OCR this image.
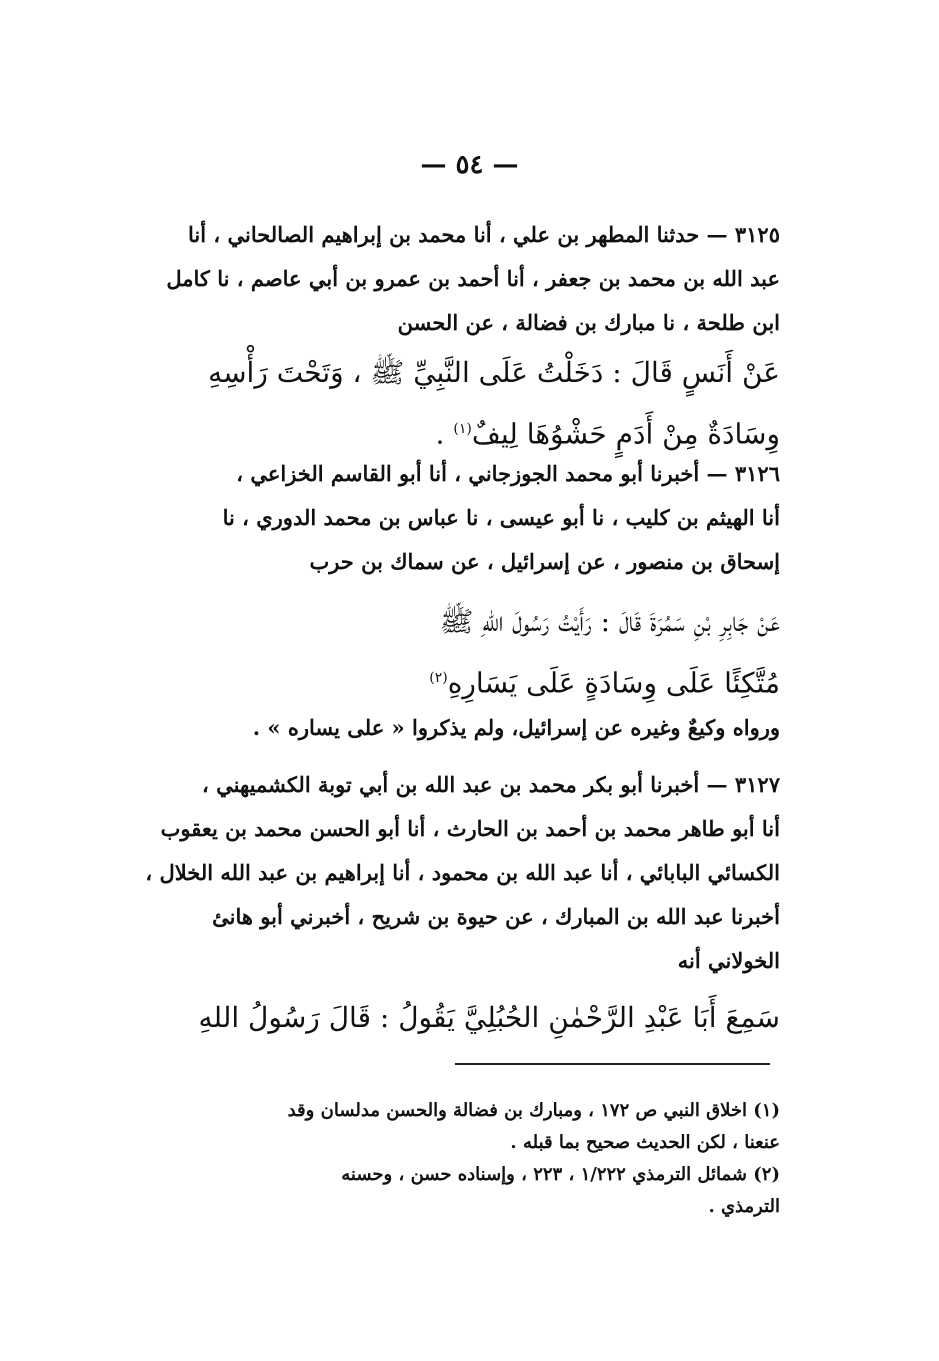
— ٥٤ —
٣١٢٥ — حدثنا المطهر بن علي ، أنا محمد بن إبراهيم الصالحاني ، أنا
عبد الله بن محمد بن جعفر ، أنا أحمد بن عمرو بن أبي عاصم ، نا كامل
ابن طلحة ، نا مبارك بن فضالة ، عن الحسن
عَنْ أَنَسٍ قَالَ : دَخَلْتُ عَلَى النَّبِيِّ ﷺ ، وَتَحْتَ رَأْسِهِ
وِسَادَةٌ مِنْ أَدَمٍ حَشْوُهَا لِيفٌ$^{(١)}$ .
٣١٢٦ — أخبرنا أبو محمد الجوزجاني ، أنا أبو القاسم الخزاعي ،
أنا الهيثم بن كليب ، نا أبو عيسى ، نا عباس بن محمد الدوري ، نا
إسحاق بن منصور ، عن إسرائيل ، عن سماك بن حرب
عَنْ جَابِرِ بْنِ سَمُرَةَ قَالَ : رَأَيْتُ رَسُولَ اللهِ ﷺ
مُتَّكِئًا عَلَى وِسَادَةٍ عَلَى يَسَارِهِ$^{(٢)}$
ورواه وكيعٌ وغيره عن إسرائيل، ولم يذكروا « على يساره » .
٣١٢٧ — أخبرنا أبو بكر محمد بن عبد الله بن أبي توبة الكشميهني ،
أنا أبو طاهر محمد بن أحمد بن الحارث ، أنا أبو الحسن محمد بن يعقوب
الكسائي البابائي ، أنا عبد الله بن محمود ، أنا إبراهيم بن عبد الله الخلال ،
أخبرنا عبد الله بن المبارك ، عن حيوة بن شريح ، أخبرني أبو هانئ
الخولاني أنه
سَمِعَ أَبَا عَبْدِ الرَّحْمٰنِ الحُبُلِيَّ يَقُولُ : قَالَ رَسُولُ اللهِ
(١) اخلاق النبي ص ١٧٢ ، ومبارك بن فضالة والحسن مدلسان وقد
عنعنا ، لكن الحديث صحيح بما قبله .
(٢) شمائل الترمذي ١/٢٢٢ ، ٢٢٣ ، وإسناده حسن ، وحسنه
الترمذي .
